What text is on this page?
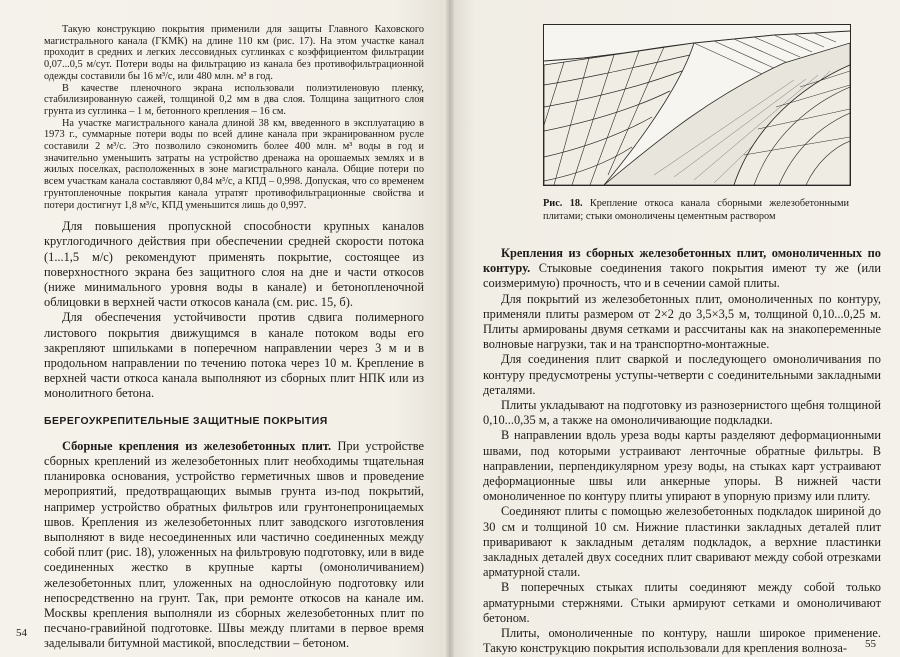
Такую конструкцию покрытия применили для защиты Главного Каховского магистрального канала (ГКМК) на длине 110 км (рис. 17). На этом участке канал проходит в средних и легких лессовидных суглинках с коэффициентом фильтрации 0,07...0,5 м/сут. Потери воды на фильтрацию из канала без противофильтрационной одежды составили бы 16 м³/с, или 480 млн. м³ в год.

В качестве пленочного экрана использовали полиэтиленовую пленку, стабилизированную сажей, толщиной 0,2 мм в два слоя. Толщина защитного слоя грунта из суглинка – 1 м, бетонного крепления – 16 см.

На участке магистрального канала длиной 38 км, введенного в эксплуатацию в 1973 г., суммарные потери воды по всей длине канала при экранированном русле составили 2 м³/с. Это позволило сэкономить более 400 млн. м³ воды в год и значительно уменьшить затраты на устройство дренажа на орошаемых землях и в жилых поселках, расположенных в зоне магистрального канала. Общие потери по всем участкам канала составляют 0,84 м³/с, а КПД – 0,998. Допуская, что со временем грунтопленочные покрытия канала утратят противофильтрационные свойства и потери достигнут 1,8 м³/с, КПД уменьшится лишь до 0,997.

Для повышения пропускной способности крупных каналов круглогодичного действия при обеспечении средней скорости потока (1...1,5 м/с) рекомендуют применять покрытие, состоящее из поверхностного экрана без защитного слоя на дне и части откосов (ниже минимального уровня воды в канале) и бетонопленочной облицовки в верхней части откосов канала (см. рис. 15, б).

Для обеспечения устойчивости против сдвига полимерного листового покрытия движущимся в канале потоком воды его закрепляют шпильками в поперечном направлении через 3 м и в продольном направлении по течению потока через 10 м. Крепление в верхней части откоса канала выполняют из сборных плит НПК или из монолитного бетона.

БЕРЕГОУКРЕПИТЕЛЬНЫЕ ЗАЩИТНЫЕ ПОКРЫТИЯ

Сборные крепления из железобетонных плит. При устройстве сборных креплений из железобетонных плит необходимы тщательная планировка основания, устройство герметичных швов и проведение мероприятий, предотвращающих вымыв грунта из-под покрытий, например устройство обратных фильтров или грунтонепроницаемых швов. Крепления из железобетонных плит заводского изготовления выполняют в виде несоединенных или частично соединенных между собой плит (рис. 18), уложенных на фильтровую подготовку, или в виде соединенных жестко в крупные карты (омоноличиванием) железобетонных плит, уложенных на однослойную подготовку или непосредственно на грунт. Так, при ремонте откосов на канале им. Москвы крепления выполняли из сборных железобетонных плит по песчано-гравийной подготовке. Швы между плитами в первое время заделывали битумной мастикой, впоследствии – бетоном.

54
Рис. 18. Крепление откоса канала сборными железобетонными плитами; стыки омоноличены цементным раствором

Крепления из сборных железобетонных плит, омоноличенных по контуру. Стыковые соединения такого покрытия имеют ту же (или соизмеримую) прочность, что и в сечении самой плиты.

Для покрытий из железобетонных плит, омоноличенных по контуру, применяли плиты размером от 2×2 до 3,5×3,5 м, толщиной 0,10...0,25 м. Плиты армированы двумя сетками и рассчитаны как на знакопеременные волновые нагрузки, так и на транспортно-монтажные.

Для соединения плит сваркой и последующего омоноличивания по контуру предусмотрены уступы-четверти с соединительными закладными деталями.

Плиты укладывают на подготовку из разнозернистого щебня толщиной 0,10...0,35 м, а также на омоноличивающие подкладки.

В направлении вдоль уреза воды карты разделяют деформационными швами, под которыми устраивают ленточные обратные фильтры. В направлении, перпендикулярном урезу воды, на стыках карт устраивают деформационные швы или анкерные упоры. В нижней части омоноличенное по контуру плиты упирают в упорную призму или плиту.

Соединяют плиты с помощью железобетонных подкладок шириной до 30 см и толщиной 10 см. Нижние пластинки закладных деталей плит приваривают к закладным деталям подкладок, а верхние пластинки закладных деталей двух соседних плит сваривают между собой отрезками арматурной стали.

В поперечных стыках плиты соединяют между собой только арматурными стержнями. Стыки армируют сетками и омоноличивают бетоном.

Плиты, омоноличенные по контуру, нашли широкое применение. Такую конструкцию покрытия использовали для крепления волноза-	55
